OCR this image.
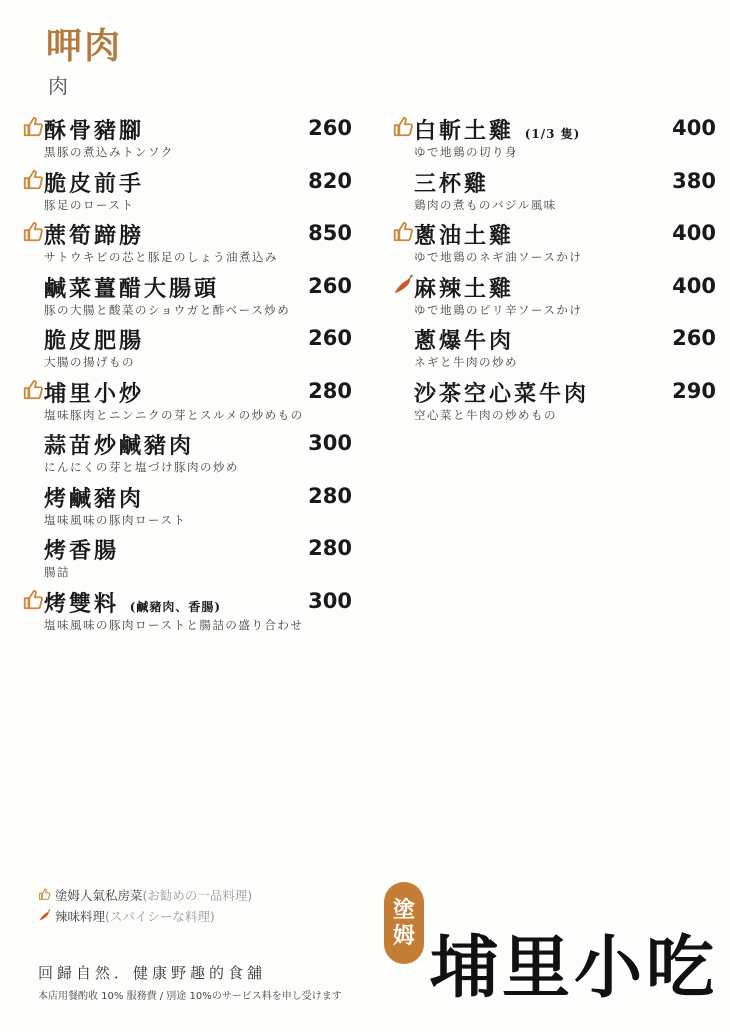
呷肉
肉
酥骨豬腳	260
黒豚の煮込みトンソク
脆皮前手	820
豚足のロースト
蔗筍蹄膀	850
サトウキビの芯と豚足のしょう油煮込み
鹹菜薑醋大腸頭	260
豚の大腸と酸菜のショウガと酢ベース炒め
脆皮肥腸	260
大腸の揚げもの
埔里小炒	280
塩味豚肉とニンニクの芽とスルメの炒めもの
蒜苗炒鹹豬肉	300
にんにくの芽と塩づけ豚肉の炒め
烤鹹豬肉	280
塩味風味の豚肉ロースト
烤香腸	280
腸詰
烤雙料 (鹹豬肉、香腸)	300
塩味風味の豚肉ローストと腸詰の盛り合わせ
白斬土雞 (1/3 隻)	400
ゆで地鶏の切り身
三杯雞	380
鶏肉の煮ものバジル風味
蔥油土雞	400
ゆで地鶏のネギ油ソースかけ
麻辣土雞	400
ゆで地鶏のピリ辛ソースかけ
蔥爆牛肉	260
ネギと牛肉の炒め
沙茶空心菜牛肉	290
空心菜と牛肉の炒めもの
塗姆人氣私房菜 (お勧めの一品料理)
辣味料理 (スパイシーな料理)
回歸自然．健康野趣的食舖
本店用餐酌收 10% 服務費 / 別途 10%のサービス料を申し受けます
塗
姆 埔里小吃
